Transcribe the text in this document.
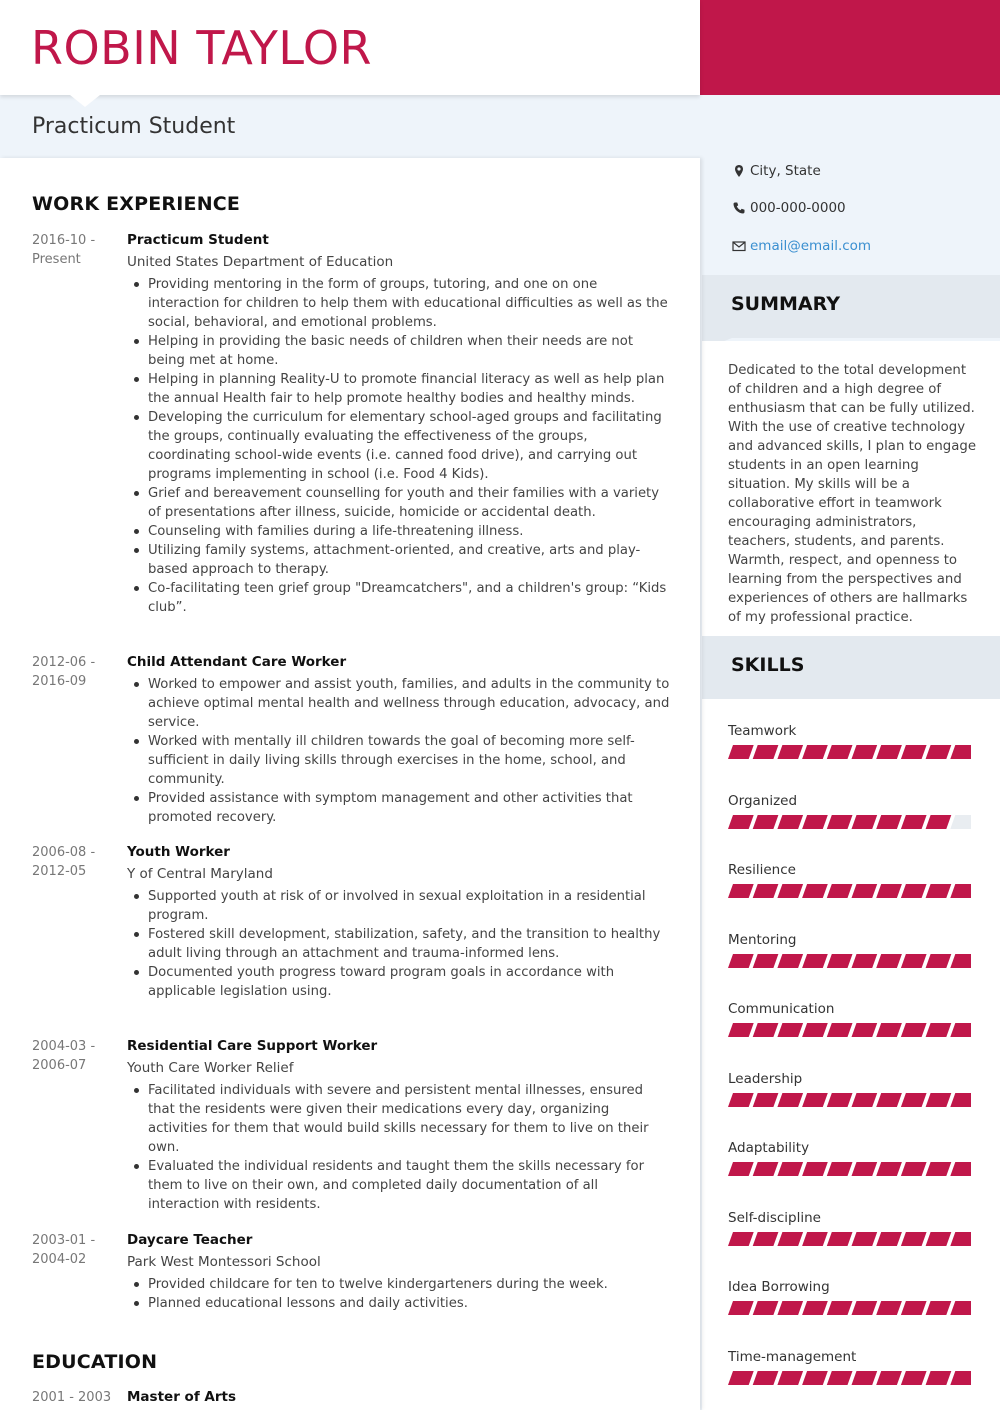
ROBIN TAYLOR
Practicum Student
WORK EXPERIENCE
2016-10 - Present
Practicum Student
United States Department of Education
Providing mentoring in the form of groups, tutoring, and one on one interaction for children to help them with educational difficulties as well as the social, behavioral, and emotional problems.
Helping in providing the basic needs of children when their needs are not being met at home.
Helping in planning Reality-U to promote financial literacy as well as help plan the annual Health fair to help promote healthy bodies and healthy minds.
Developing the curriculum for elementary school-aged groups and facilitating the groups, continually evaluating the effectiveness of the groups, coordinating school-wide events (i.e. canned food drive), and carrying out programs implementing in school (i.e. Food 4 Kids).
Grief and bereavement counselling for youth and their families with a variety of presentations after illness, suicide, homicide or accidental death.
Counseling with families during a life-threatening illness.
Utilizing family systems, attachment-oriented, and creative, arts and play-based approach to therapy.
Co-facilitating teen grief group "Dreamcatchers", and a children's group: “Kids club”.
2012-06 - 2016-09
Child Attendant Care Worker
Worked to empower and assist youth, families, and adults in the community to achieve optimal mental health and wellness through education, advocacy, and service.
Worked with mentally ill children towards the goal of becoming more self-sufficient in daily living skills through exercises in the home, school, and community.
Provided assistance with symptom management and other activities that promoted recovery.
2006-08 - 2012-05
Youth Worker
Y of Central Maryland
Supported youth at risk of or involved in sexual exploitation in a residential program.
Fostered skill development, stabilization, safety, and the transition to healthy adult living through an attachment and trauma-informed lens.
Documented youth progress toward program goals in accordance with applicable legislation using.
2004-03 - 2006-07
Residential Care Support Worker
Youth Care Worker Relief
Facilitated individuals with severe and persistent mental illnesses, ensured that the residents were given their medications every day, organizing activities for them that would build skills necessary for them to live on their own.
Evaluated the individual residents and taught them the skills necessary for them to live on their own, and completed daily documentation of all interaction with residents.
2003-01 - 2004-02
Daycare Teacher
Park West Montessori School
Provided childcare for ten to twelve kindergarteners during the week.
Planned educational lessons and daily activities.
EDUCATION
2001 - 2003	Master of Arts
City, State
000-000-0000
email@email.com
SUMMARY

Dedicated to the total development of children and a high degree of enthusiasm that can be fully utilized. With the use of creative technology and advanced skills, I plan to engage students in an open learning situation. My skills will be a collaborative effort in teamwork encouraging administrators, teachers, students, and parents. Warmth, respect, and openness to learning from the perspectives and experiences of others are hallmarks of my professional practice.

SKILLS
Teamwork
Organized
Resilience
Mentoring
Communication
Leadership
Adaptability
Self-discipline
Idea Borrowing
Time-management
